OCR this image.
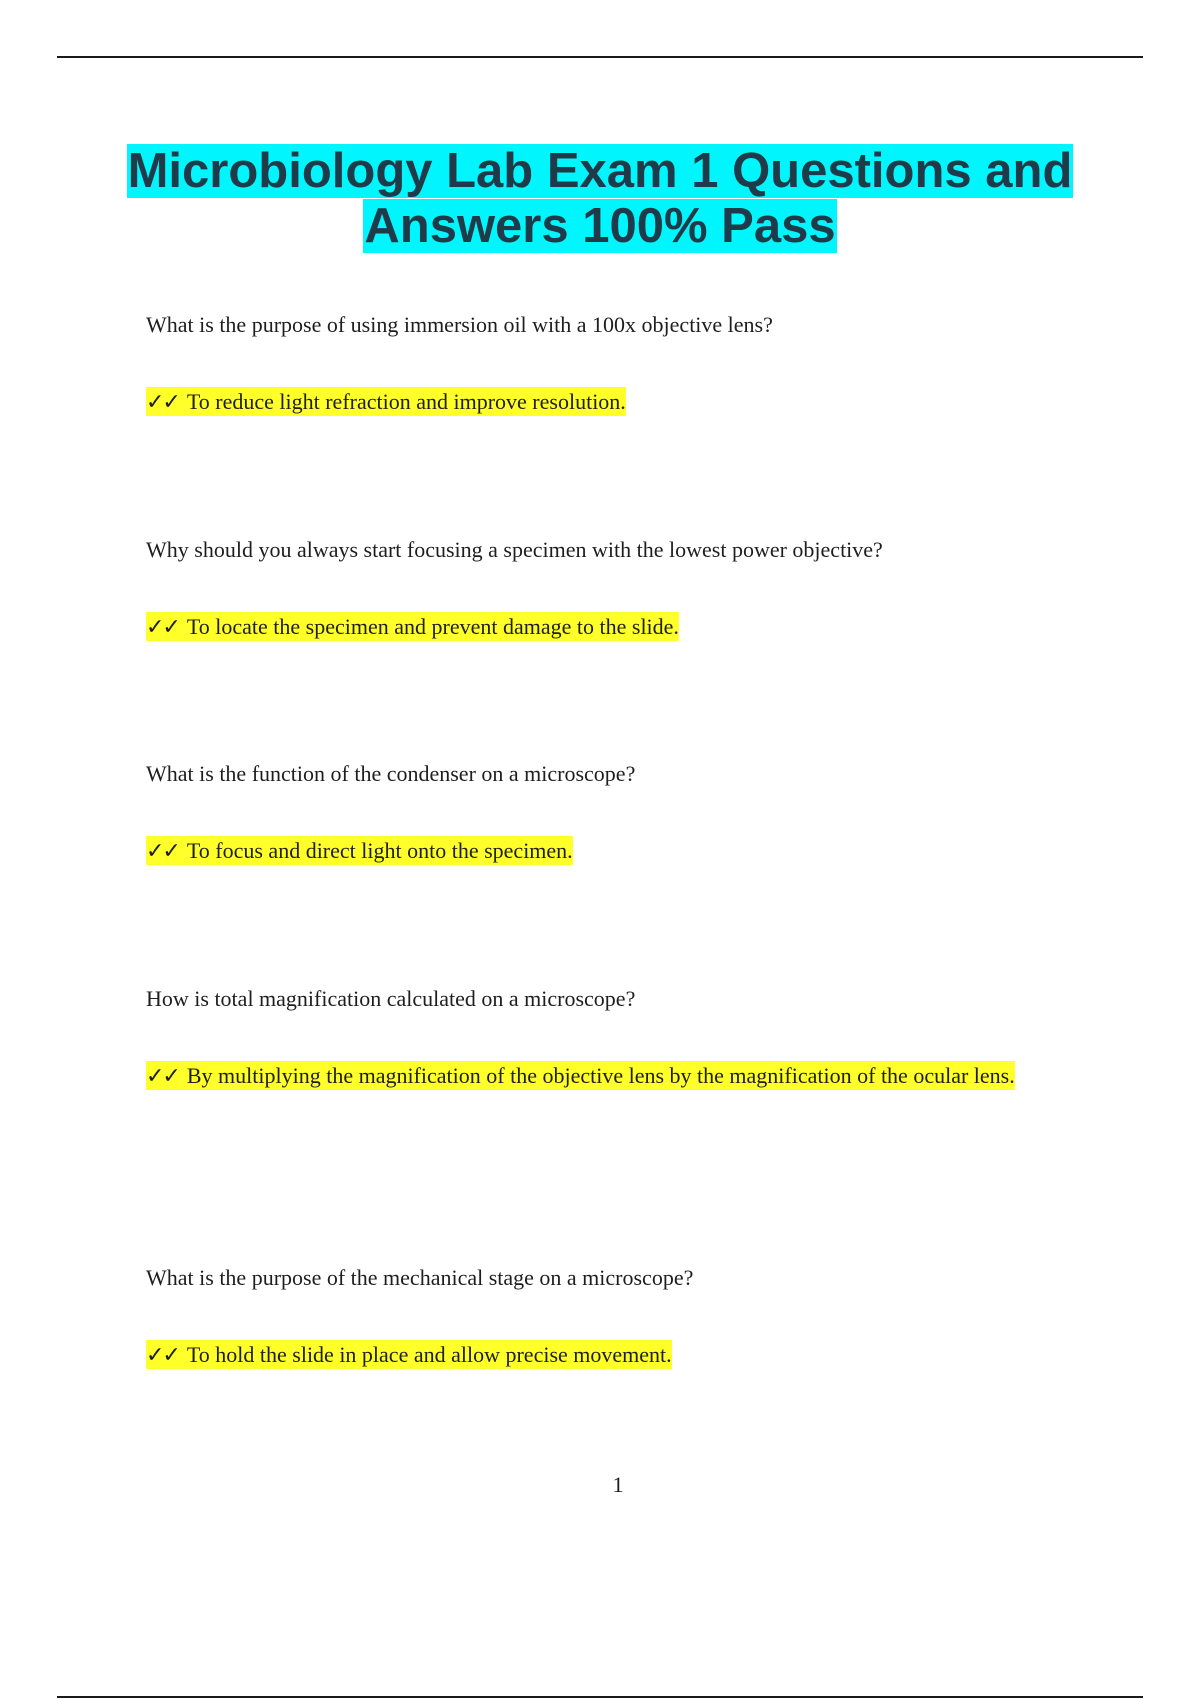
Microbiology Lab Exam 1 Questions and
Answers 100% Pass
What is the purpose of using immersion oil with a 100x objective lens?
✓✓ To reduce light refraction and improve resolution.
Why should you always start focusing a specimen with the lowest power objective?
✓✓ To locate the specimen and prevent damage to the slide.
What is the function of the condenser on a microscope?
✓✓ To focus and direct light onto the specimen.
How is total magnification calculated on a microscope?
✓✓ By multiplying the magnification of the objective lens by the magnification of the ocular lens.
What is the purpose of the mechanical stage on a microscope?
✓✓ To hold the slide in place and allow precise movement.
1
